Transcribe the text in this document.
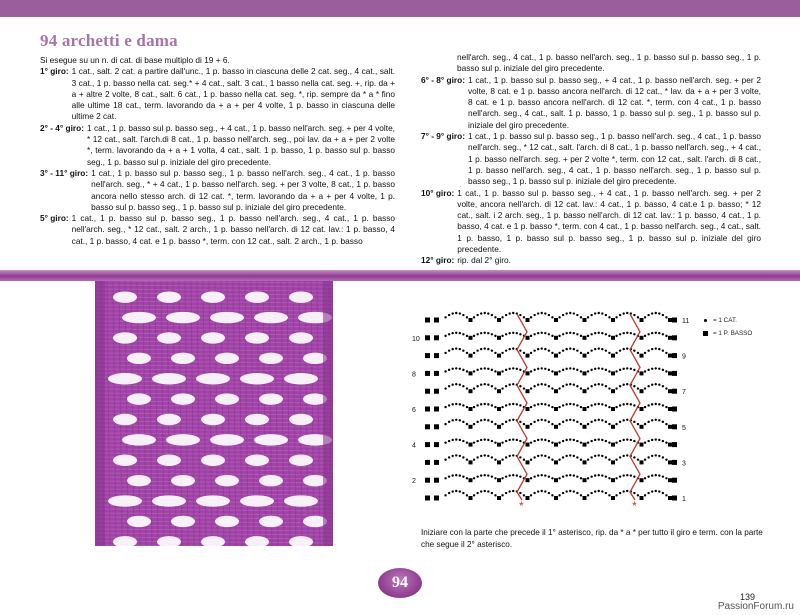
94 archetti e dama

Si esegue su un n. di cat. di base multiplo di 19 + 6.

1° giro: 1 cat., salt. 2 cat. a partire dall'unc., 1 p. basso in ciascuna delle 2 cat. seg., 4 cat., salt. 3 cat., 1 p. basso nella cat. seg.* + 4 cat., salt. 3 cat., 1 basso nella cat. seg. +, rip. da + a + altre 2 volte, 8 cat., salt. 6 cat., 1 p. basso nella cat. seg. *, rip. sempre da * a * fino alle ultime 18 cat., term. lavorando da + a + per 4 volte, 1 p. basso in ciascuna delle ultime 2 cat.
2° - 4° giro: 1 cat., 1 p. basso sul p. basso seg., + 4 cat., 1 p. basso nell'arch. seg. + per 4 volte, * 12 cat., salt. l'arch.di 8 cat., 1 p. basso nell'arch. seg., poi lav. da + a + per 2 volte *, term. lavorando da + a + 1 volta, 4 cat., salt. 1 p. basso, 1 p. basso sul p. basso seg., 1 p. basso sul p. iniziale del giro precedente.
3° - 11° giro: 1 cat., 1 p. basso sul p. basso seg., 1 p. basso nell'arch. seg., 4 cat., 1 p. basso nell'arch. seg., * + 4 cat., 1 p. basso nell'arch. seg. + per 3 volte, 8 cat., 1 p. basso ancora nello stesso arch. di 12 cat. *, term. lavorando da + a + per 4 volte, 1 p. basso sul p. basso seg., 1 p. basso sul p. iniziale del giro precedente.
5° giro: 1 cat., 1 p. basso sul p. basso seg., 1 p. basso nell'arch. seg., 4 cat., 1 p. basso nell'arch. seg., * 12 cat., salt. 2 arch., 1 p. basso nell'arch. di 12 cat. lav.: 1 p. basso, 4 cat., 1 p. basso, 4 cat. e 1 p. basso *, term. con 12 cat., salt. 2 arch., 1 p. basso
nell'arch. seg., 4 cat., 1 p. basso nell'arch. seg., 1 p. basso sul p. basso seg., 1 p. basso sul p. iniziale del giro precedente.
6° - 8° giro: 1 cat., 1 p. basso sul p. basso seg., + 4 cat., 1 p. basso nell'arch. seg. + per 2 volte, 8 cat. e 1 p. basso ancora nell'arch. di 12 cat., * lav. da + a + per 3 volte, 8 cat. e 1 p. basso ancora nell'arch. di 12 cat. *, term. con 4 cat., 1 p. basso nell'arch. seg., 4 cat., salt. 1 p. basso, 1 p. basso sul p. seg., 1 p. basso sul p. iniziale del giro precedente.
7° - 9° giro: 1 cat., 1 p. basso sul p. basso seg., 1 p. basso nell'arch. seg., 4 cat., 1 p. basso nell'arch. seg., * 12 cat., salt. l'arch. di 8 cat., 1 p. basso nell'arch. seg., + 4 cat., 1 p. basso nell'arch. seg. + per 2 volte *, term. con 12 cat., salt. l'arch. di 8 cat., 1 p. basso nell'arch. seg., 4 cat., 1 p. basso nell'arch. seg., 1 p. basso sul p. basso seg., 1 p. basso sul p. iniziale del giro precedente.
10° giro: 1 cat., 1 p. basso sul p. basso seg., + 4 cat., 1 p. basso nell'arch. seg. + per 2 volte, ancora nell'arch. di 12 cat. lav.: 4 cat., 1 p. basso, 4 cat.e 1 p. basso; * 12 cat., salt. i 2 arch. seg., 1 p. basso nell'arch. di 12 cat. lav.: 1 p. basso, 4 cat., 1 p. basso, 4 cat. e 1 p. basso *, term. con 4 cat., 1 p. basso nell'arch. seg., 4 cat., salt. 1 p. basso, 1 p. basso sul p. basso seg., 1 p. basso sul p. iniziale del giro precedente.
12° giro: rip. dal 2° giro.
*	*
11
9
7
5
3
1
10
8
6
4
2
= 1 CAT.
= 1 P. BASSO
Iniziare con la parte che precede il 1° asterisco, rip. da * a * per tutto il giro e term. con la parte che segue il 2° asterisco.
94
139
PassionForum.ru
